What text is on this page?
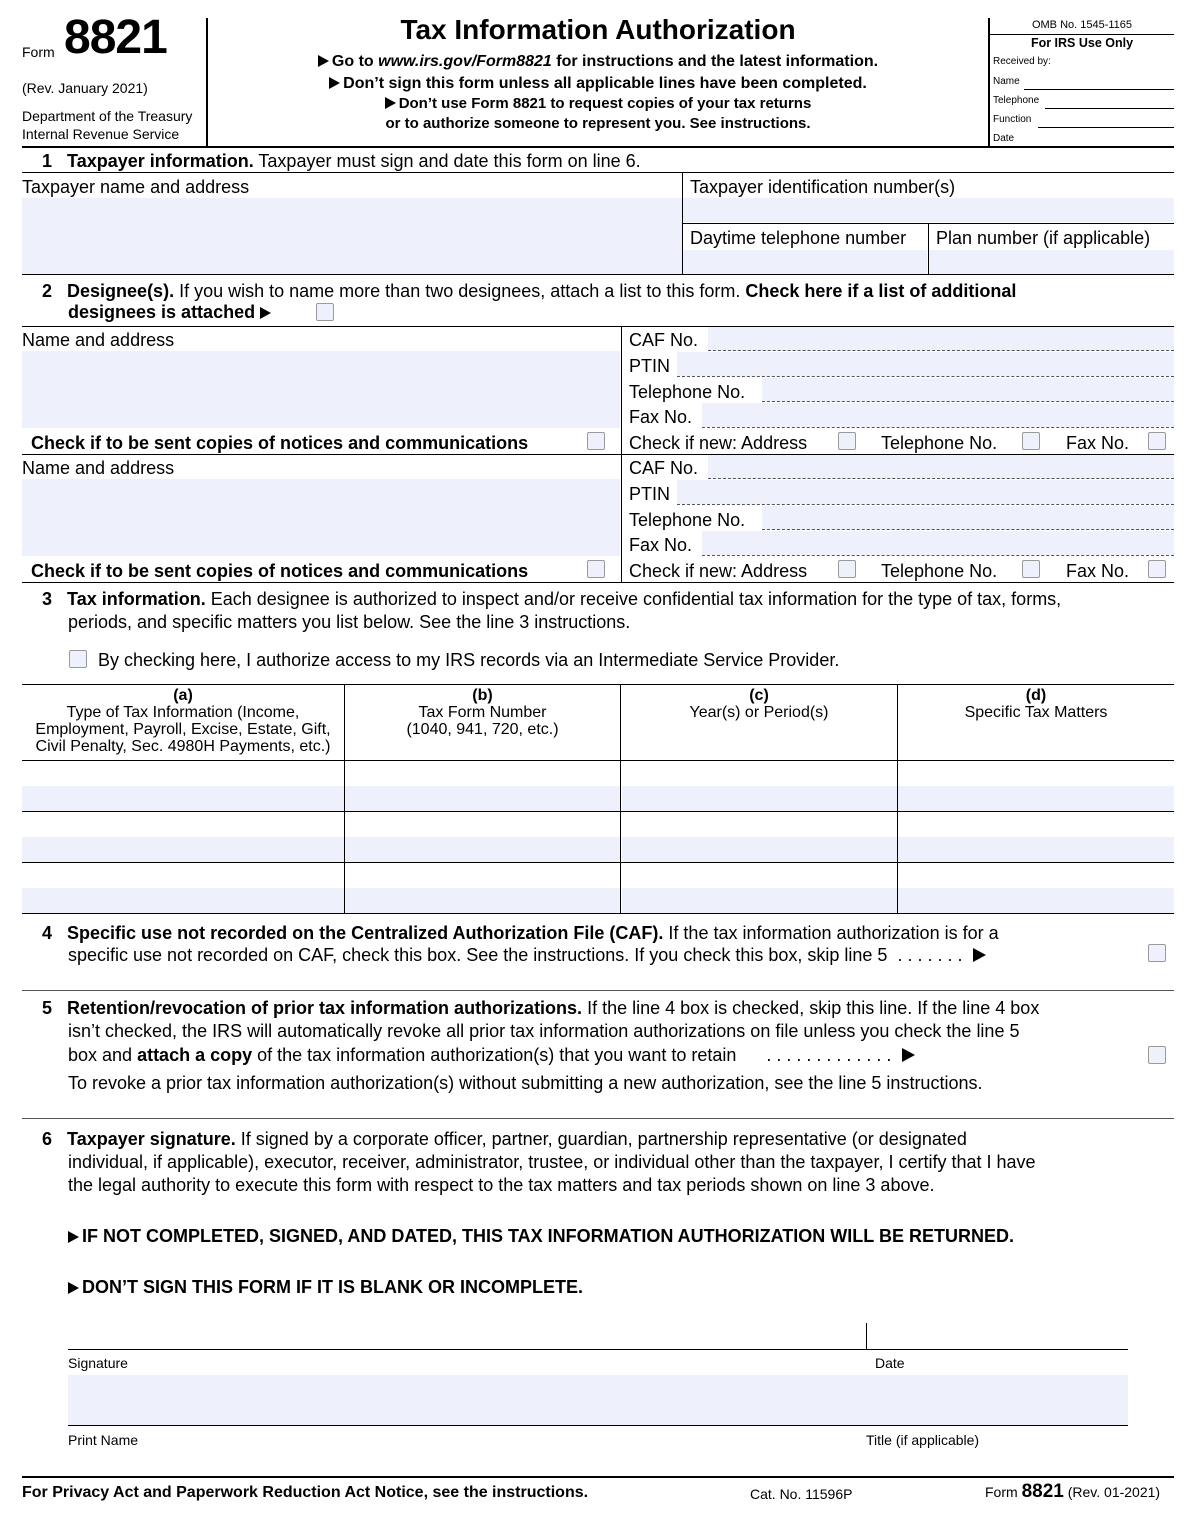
Form 8821
(Rev. January 2021)
Department of the Treasury
Internal Revenue Service
Tax Information Authorization
Go to www.irs.gov/Form8821 for instructions and the latest information.
Don’t sign this form unless all applicable lines have been completed.
Don’t use Form 8821 to request copies of your tax returns
or to authorize someone to represent you. See instructions.
OMB No. 1545-1165
For IRS Use Only
Received by:
Name
Telephone
Function
Date
1 Taxpayer information. Taxpayer must sign and date this form on line 6.
Taxpayer name and address	Taxpayer identification number(s)
Daytime telephone number Plan number (if applicable)
2 Designee(s). If you wish to name more than two designees, attach a list to this form. Check here if a list of additional
designees is attached
Name and address
Check if to be sent copies of notices and communications
CAF No.
PTIN
Telephone No.
Fax No.
Check if new: Address	Telephone No.	Fax No.
Name and address
Check if to be sent copies of notices and communications
CAF No.
PTIN
Telephone No.
Fax No.
Check if new: Address	Telephone No.	Fax No.
3 Tax information. Each designee is authorized to inspect and/or receive confidential tax information for the type of tax, forms,
periods, and specific matters you list below. See the line 3 instructions.
By checking here, I authorize access to my IRS records via an Intermediate Service Provider.
(a)
Type of Tax Information (Income,
Employment, Payroll, Excise, Estate, Gift,
Civil Penalty, Sec. 4980H Payments, etc.)
(b)
Tax Form Number
(1040, 941, 720, etc.)
(c)
Year(s) or Period(s)
(d)
Specific Tax Matters
4 Specific use not recorded on the Centralized Authorization File (CAF). If the tax information authorization is for a
specific use not recorded on CAF, check this box. See the instructions. If you check this box, skip line 5 . . . . . . .
5 Retention/revocation of prior tax information authorizations. If the line 4 box is checked, skip this line. If the line 4 box
isn’t checked, the IRS will automatically revoke all prior tax information authorizations on file unless you check the line 5
box and attach a copy of the tax information authorization(s) that you want to retain . . . . . . . . . . . . .
To revoke a prior tax information authorization(s) without submitting a new authorization, see the line 5 instructions.
6 Taxpayer signature. If signed by a corporate officer, partner, guardian, partnership representative (or designated
individual, if applicable), executor, receiver, administrator, trustee, or individual other than the taxpayer, I certify that I have
the legal authority to execute this form with respect to the tax matters and tax periods shown on line 3 above.
IF NOT COMPLETED, SIGNED, AND DATED, THIS TAX INFORMATION AUTHORIZATION WILL BE RETURNED.
DON’T SIGN THIS FORM IF IT IS BLANK OR INCOMPLETE.
Signature	Date
Print Name	Title (if applicable)
For Privacy Act and Paperwork Reduction Act Notice, see the instructions.	Cat. No. 11596P	Form 8821 (Rev. 01-2021)
